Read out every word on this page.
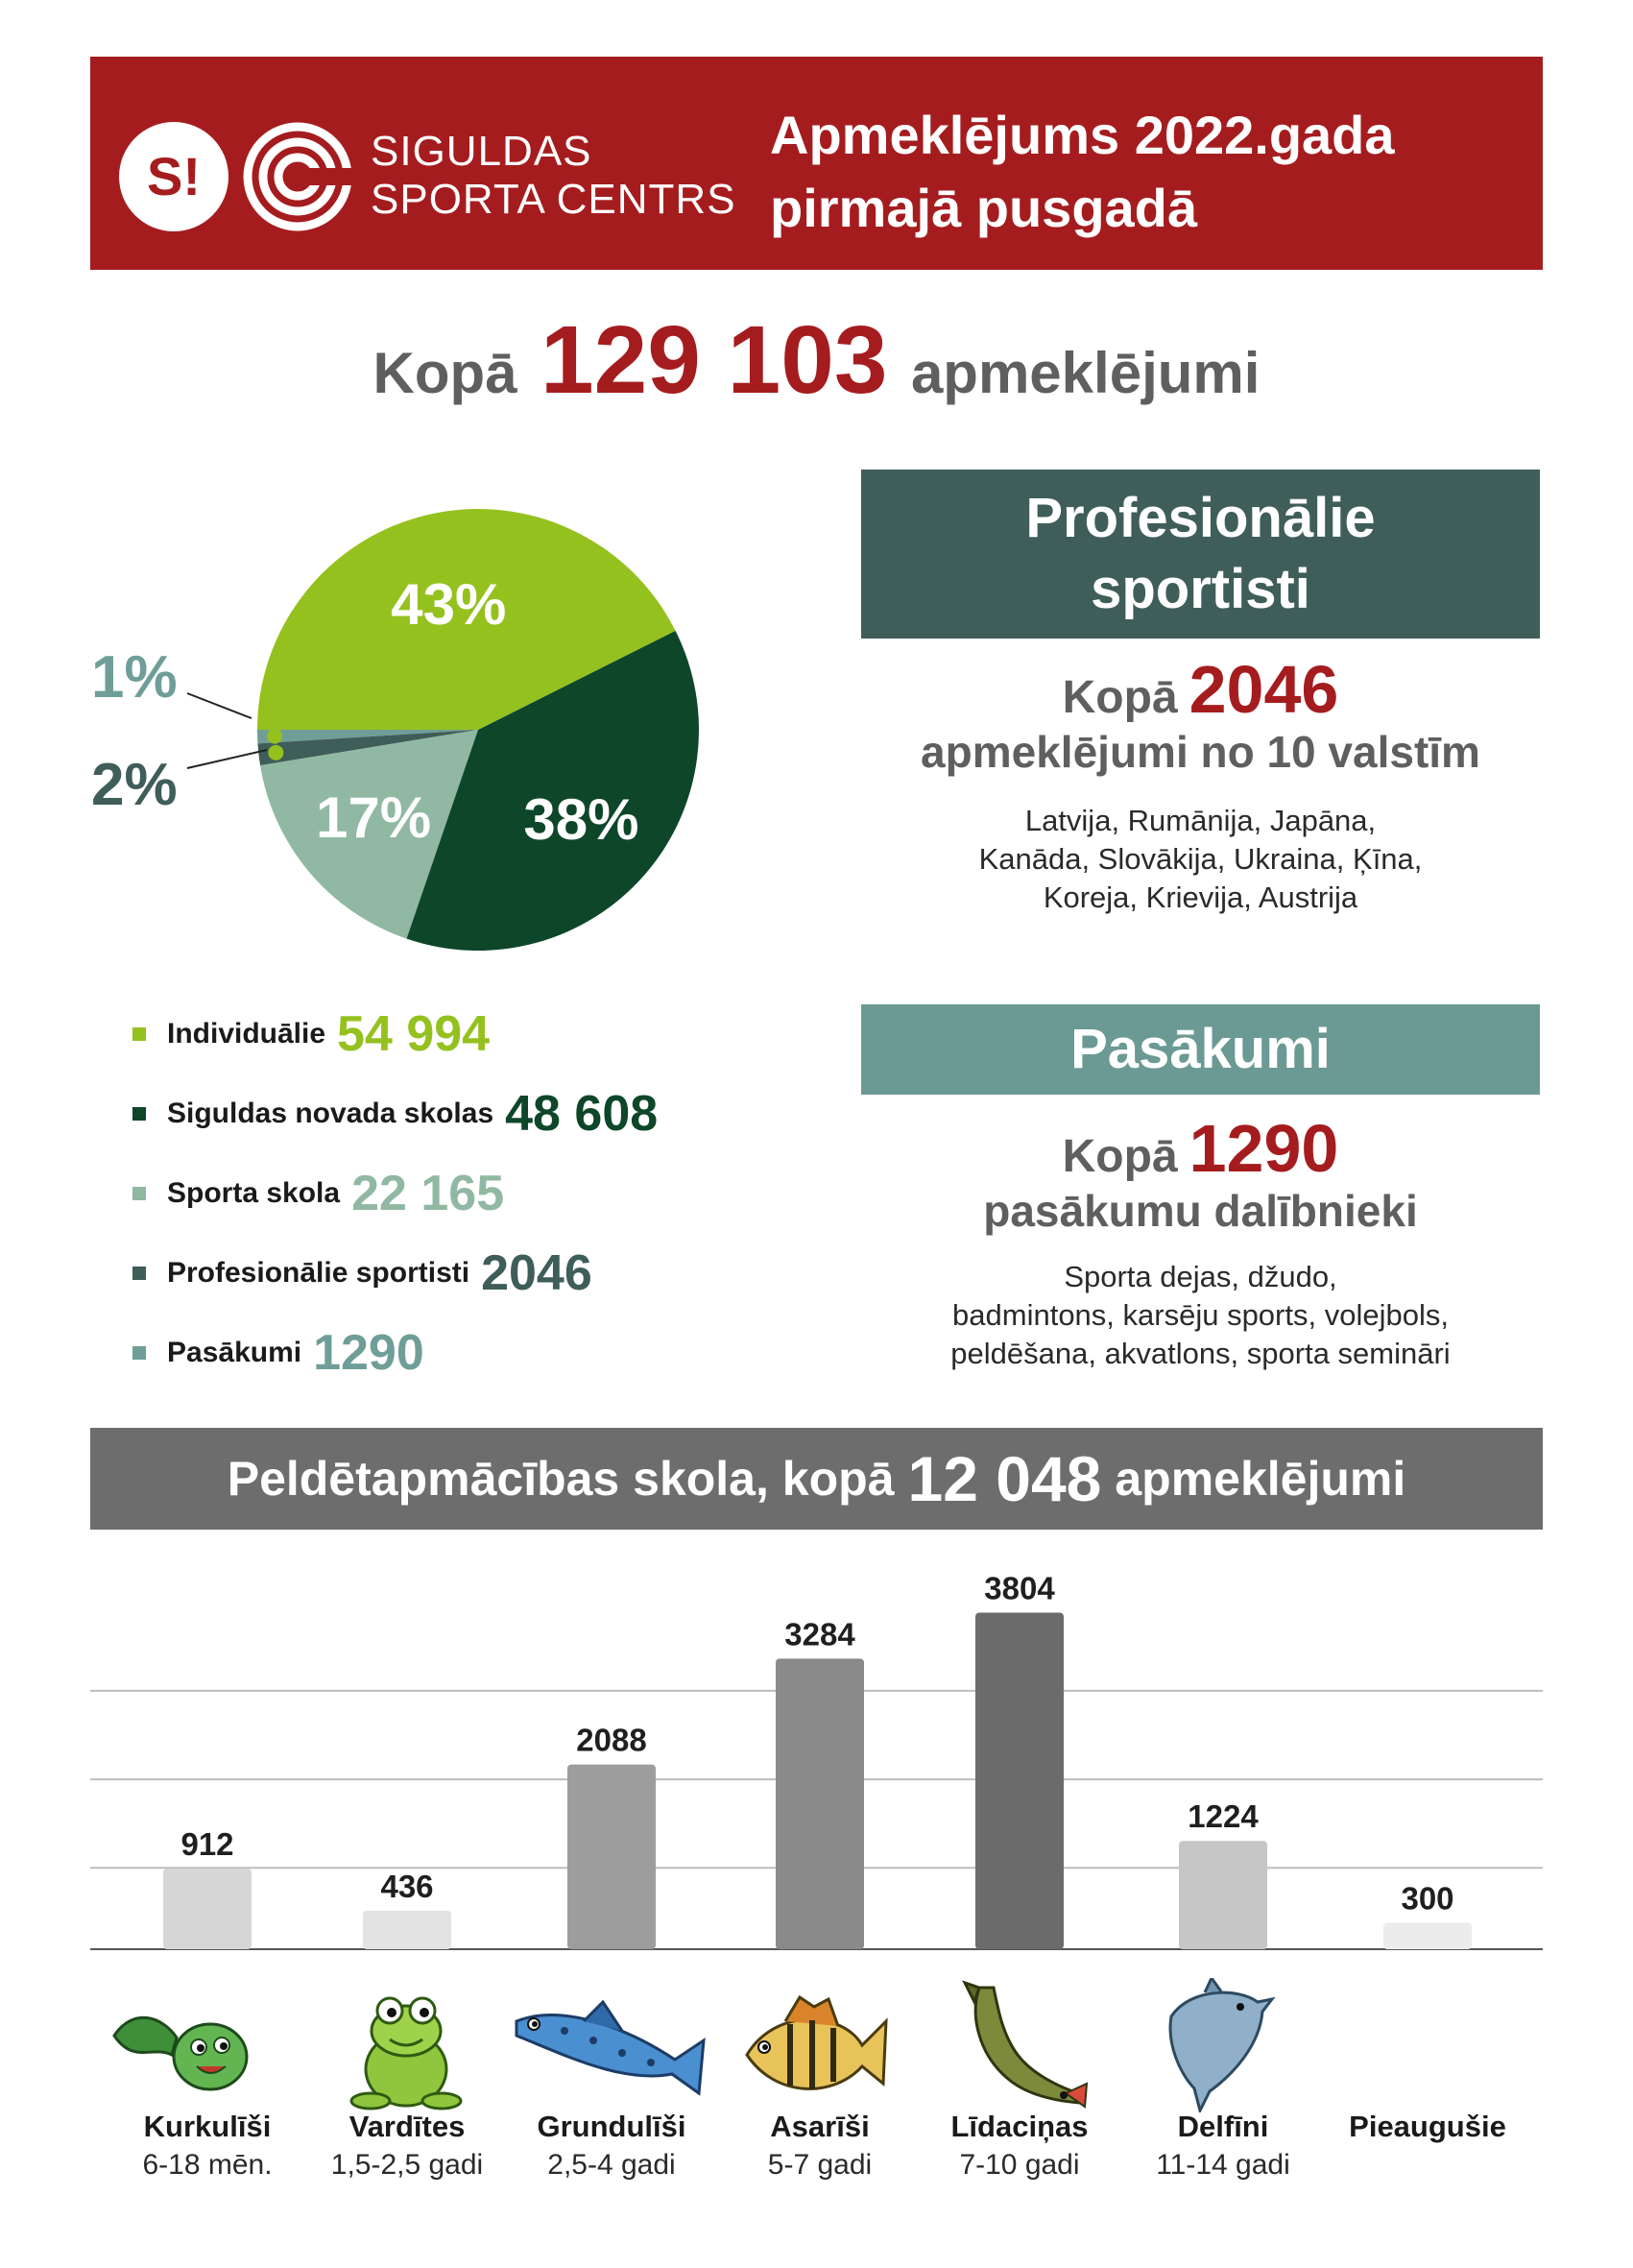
S!	SIGULDAS
SPORTA CENTRS
Apmeklējums 2022.gada
pirmajā pusgadā
Kopā 129 103 apmeklējumi
43%
38%
17%
1%
2%
Individuālie 54 994
Siguldas novada skolas 48 608
Sporta skola 22 165
Profesionālie sportisti 2046
Pasākumi 1290
Profesionālie
sportisti
Kopā 2046
apmeklējumi no 10 valstīm
Latvija, Rumānija, Japāna,
Kanāda, Slovākija, Ukraina, Ķīna,
Koreja, Krievija, Austrija
Pasākumi
Kopā 1290
pasākumu dalībnieki
Sporta dejas, džudo,
badmintons, karsēju sports, volejbols,
peldēšana, akvatlons, sporta semināri
Peldētapmācības skola, kopā 12 048 apmeklējumi
912
436
2088
3284
3804
1224
300
Kurkulīši
6-18 mēn.
Vardītes
1,5-2,5 gadi
Grundulīši
2,5-4 gadi
Asarīši
5-7 gadi
Līdaciņas
7-10 gadi
Delfīni
11-14 gadi
Pieaugušie
